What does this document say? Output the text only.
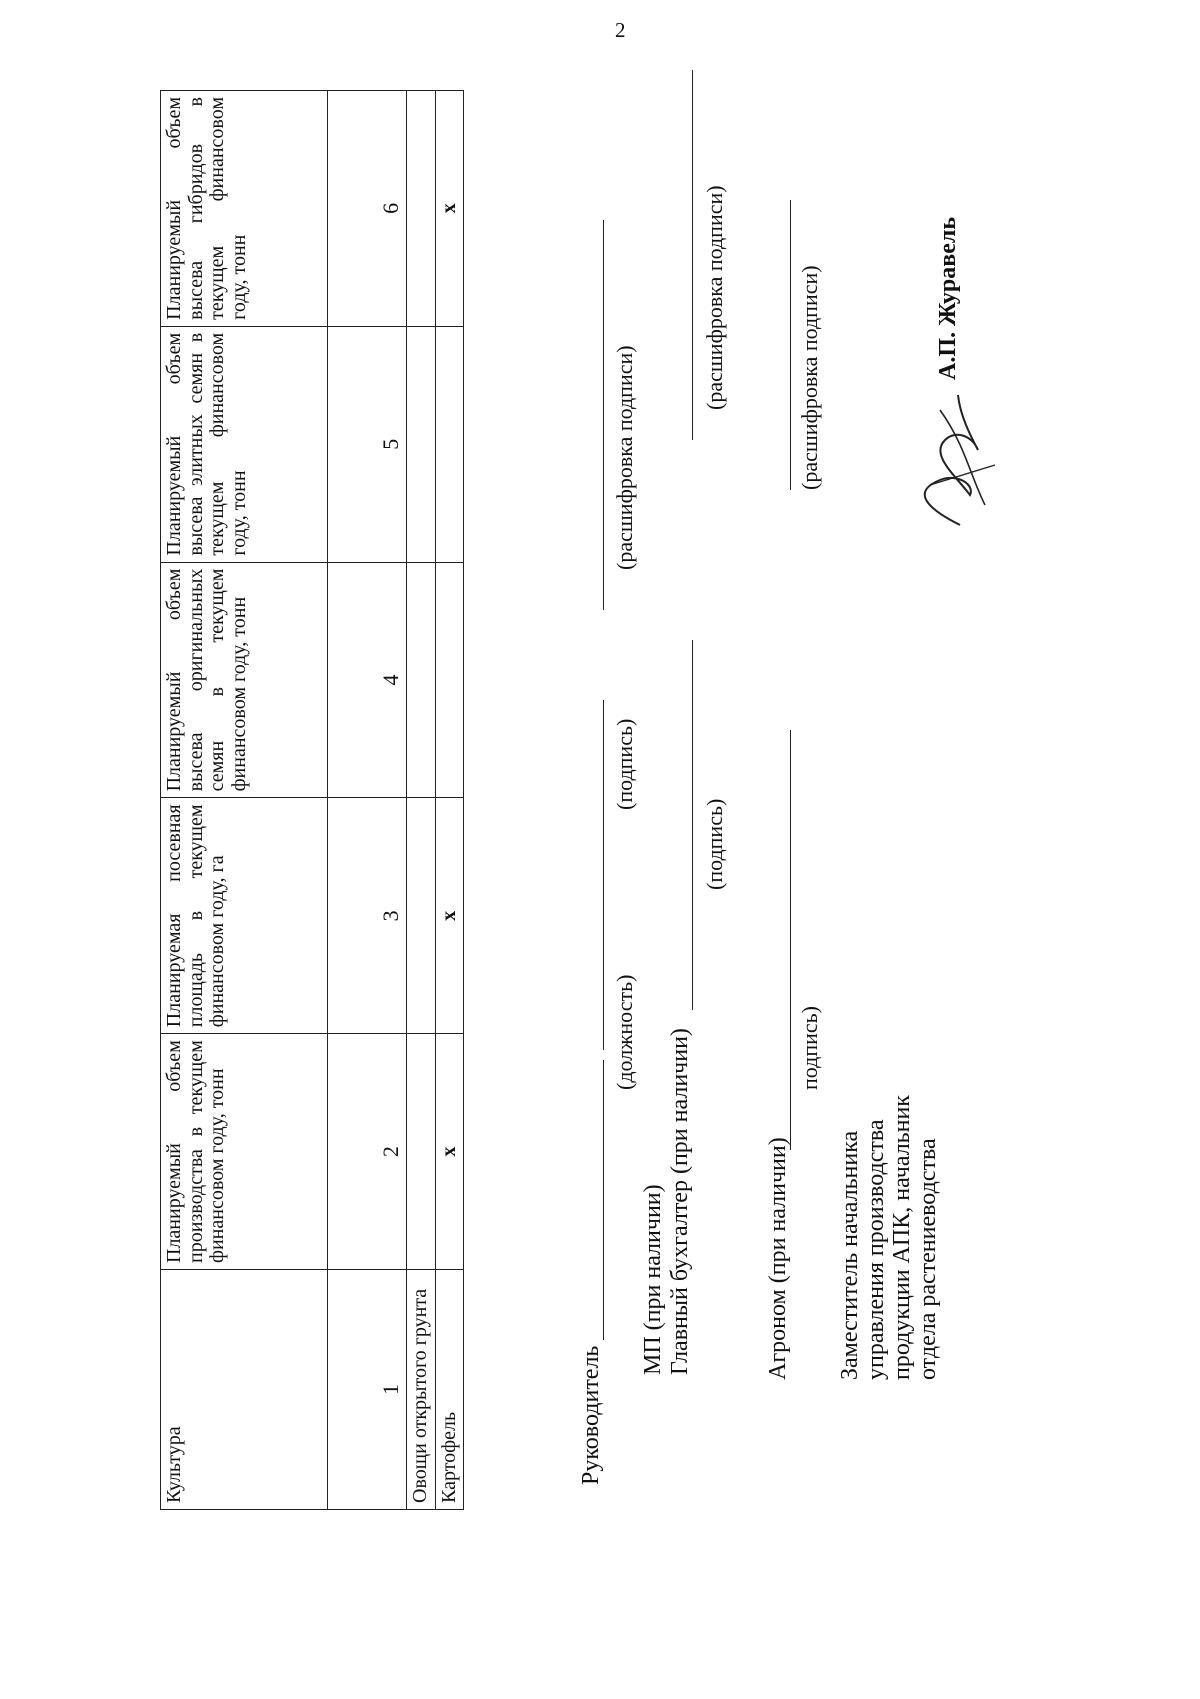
2
Культура	Планируемый объем производства в текущем финансовом году, тонн	Планируемая посевная площадь в текущем финансовом году, га	Планируемый объем высева оригинальных семян в текущем финансовом году, тонн	Планируемый объем высева элитных семян в текущем финансовом году, тонн	Планируемый объем высева гибридов в текущем финансовом году, тонн
1	2	3	4	5	6
Овощи открытого грунта					
Картофель	х	х			х
Руководитель
(должность)
(подпись)
(расшифровка подписи)
МП (при наличии) Главный бухгалтер (при наличии)
(подпись)
(расшифровка подписи)
Агроном (при наличии)
подпись)
(расшифровка подписи)
Заместитель начальника управления производства продукции АПК, начальник отдела растениеводства
А.П. Журавель
